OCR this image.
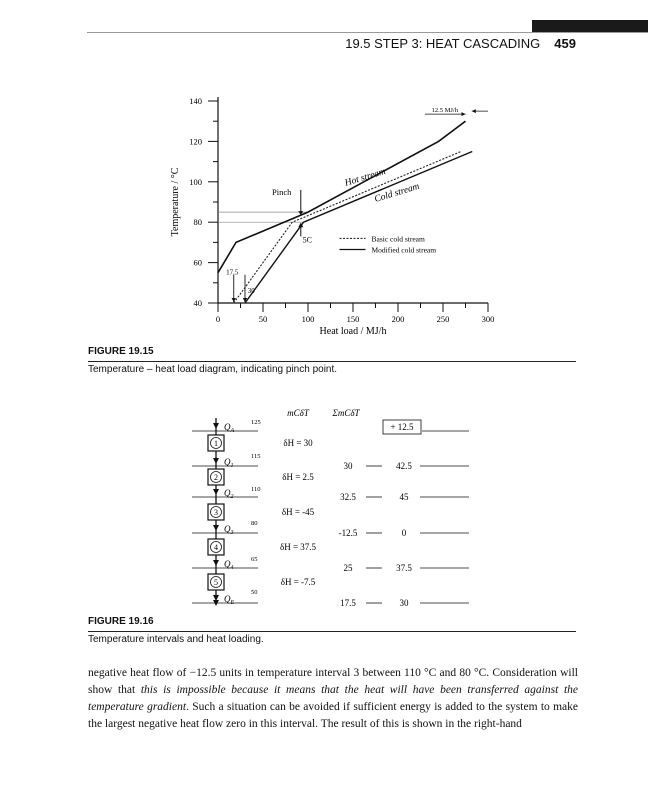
19.5 STEP 3: HEAT CASCADING 459
40
60
80
100
120
140
0	50	100	150	200	250	300
Heat load / MJ/h
Temperature / °C	Hot stream
Cold stream
Pinch
5C
17.5
30
12.5 MJ/h
Basic cold stream
Modified cold stream
mCδT	ΣmCδT
$Q_A$
125
$Q_1$
115
$Q_2$
110
$Q_3$
80
$Q_4$
65
$Q_E$
50
1	δH = 30
2	δH = 2.5
3	δH = -45
4	δH = 37.5
5	δH = -7.5
30	42.5
32.5	45
-12.5	0
25	37.5
17.5	30
+ 12.5
FIGURE 19.15
Temperature – heat load diagram, indicating pinch point.
FIGURE 19.16
Temperature intervals and heat loading.
negative heat flow of −12.5 units in temperature interval 3 between 110 °C and 80 °C. Consideration will show that this is impossible because it means that the heat will have been transferred against the temperature gradient. Such a situation can be avoided if sufficient energy is added to the system to make the largest negative heat flow zero in this interval. The result of this is shown in the right-hand
